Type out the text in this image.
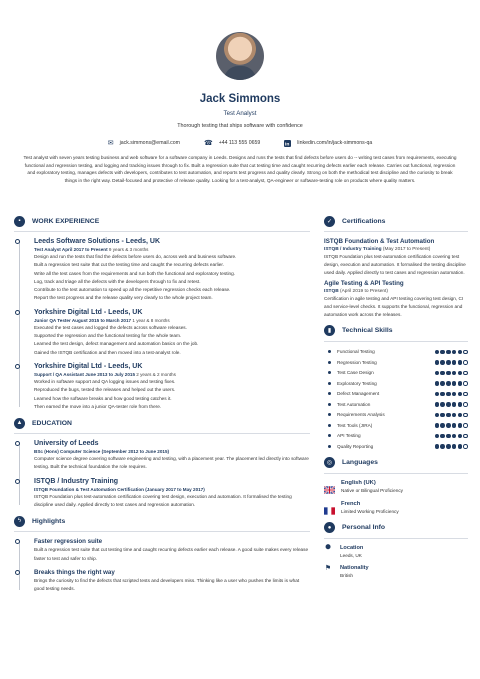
Jack Simmons
Test Analyst
Thorough testing that ships software with confidence
✉ jack.simmons@email.com	☎ +44 113 555 0659	in linkedin.com/in/jack-simmons-qa
Test analyst with seven years testing business and web software for a software company in Leeds. Designs and runs the tests that find defects before users do -- writing test cases from requirements, executing functional and regression testing, and logging and tracking issues through to fix. Built a regression suite that cut testing time and caught recurring defects earlier each release. Carries out functional, regression and exploratory testing, manages defects with developers, contributes to test automation, and reports test progress and quality clearly. Strong on both the methodical test discipline and the curiosity to break things in the right way. Detail-focused and protective of release quality. Looking for a test-analyst, QA-engineer or software-testing role on products where quality matters.
▪	WORK EXPERIENCE
Leeds Software Solutions - Leeds, UK
Test Analyst April 2017 to Present 9 years & 3 months
Design and run the tests that find the defects before users do, across web and business software.
Built a regression test suite that cut the testing time and caught the recurring defects earlier.
Write all the test cases from the requirements and run both the functional and exploratory testing.
Log, track and triage all the defects with the developers through to fix and retest.
Contribute to the test automation to speed up all the repetitive regression checks each release.
Report the test progress and the release quality very clearly to the whole project team.
Yorkshire Digital Ltd - Leeds, UK
Junior QA Tester August 2015 to March 2017 1 year & 8 months
Executed the test cases and logged the defects across software releases.
Supported the regression and the functional testing for the whole team.
Learned the test design, defect management and automation basics on the job.
Gained the ISTQB certification and then moved into a test-analyst role.
Yorkshire Digital Ltd - Leeds, UK
Support / QA Assistant June 2013 to July 2015 2 years & 2 months
Worked in software support and QA logging issues and testing fixes.
Reproduced the bugs, tested the releases and helped out the users.
Learned how the software breaks and how good testing catches it.
Then earned the move into a junior QA-tester role from there.
▲	EDUCATION
University of Leeds
BSc (Hons) Computer Science (September 2012 to June 2015)
Computer science degree covering software engineering and testing, with a placement year. The placement led directly into software testing. Built the technical foundation the role requires.
ISTQB / Industry Training
ISTQB Foundation & Test Automation Certification (January 2017 to May 2017)
ISTQB Foundation plus test-automation certification covering test design, execution and automation. It formalised the testing discipline used daily. Applied directly to test cases and regression automation.
ϟ	Highlights
Faster regression suite
Built a regression test suite that cut testing time and caught recurring defects earlier each release. A good suite makes every release faster to test and safer to ship.
Breaks things the right way
Brings the curiosity to find the defects that scripted tests and developers miss. Thinking like a user who pushes the limits is what good testing needs.
✓	Certifications
ISTQB Foundation & Test Automation
ISTQB / Industry Training (May 2017 to Present)
ISTQB Foundation plus test-automation certification covering test design, execution and automation. It formalised the testing discipline used daily. Applied directly to test cases and regression automation.
Agile Testing & API Testing
ISTQB (April 2019 to Present)
Certification in agile testing and API testing covering test design, CI and service-level checks. It supports the functional, regression and automation work across the releases.
▮	Technical Skills
Functional Testing
Regression Testing
Test Case Design
Exploratory Testing
Defect Management
Test Automation
Requirements Analysis
Test Tools (JIRA)
API Testing
Quality Reporting
◎	Languages
English (UK)
Native or Bilingual Proficiency
French
Limited Working Proficiency
●	Personal Info
⬤ Location
Leeds, UK
⚑ Nationality
British
